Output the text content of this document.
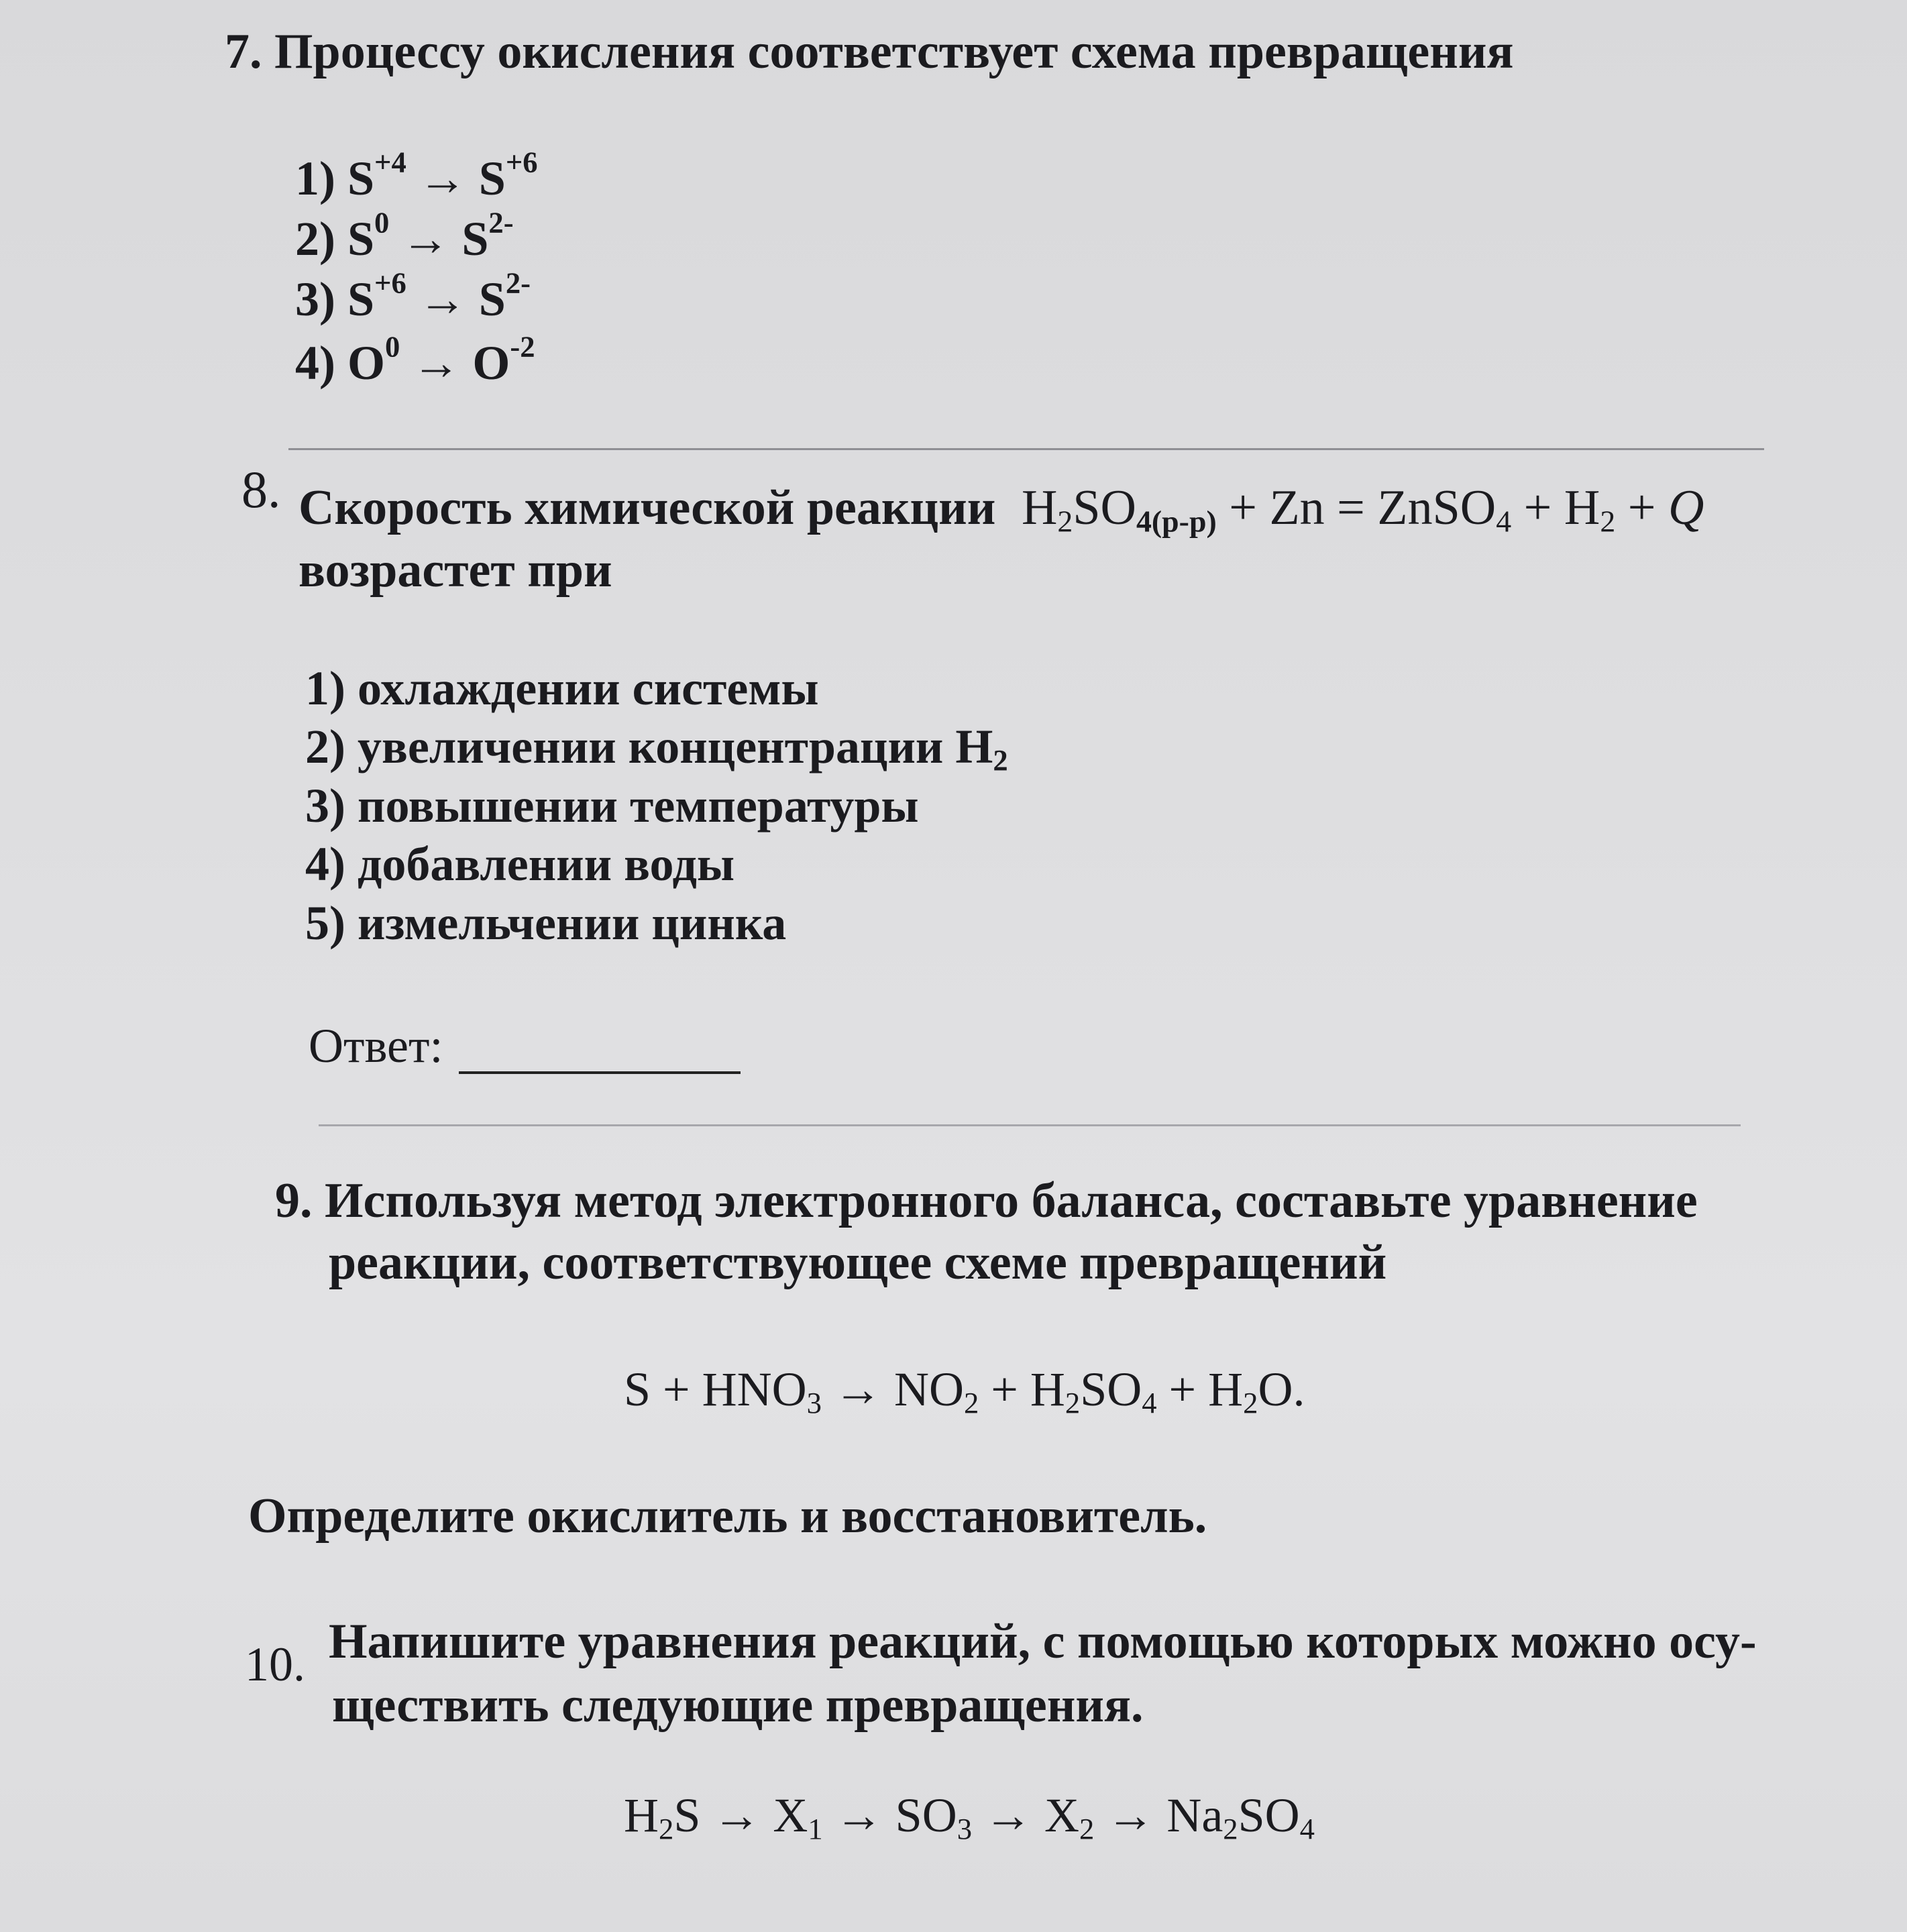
7. Процессу окисления соответствует схема превращения
1) $S^{+4} \to S^{+6}$
2) $S^0 \to S^{2-}$
3) $S^{+6} \to S^{2-}$
4) $O^0 \to O^{-2}$
8. Скорость химической реакции $H_2SO_{4(р-р)} + Zn$ = ZnSO$_4$ + $H_2 + Q$
возрастет при
1) охлаждении системы
2) увеличении концентрации $H_2$
3) повышении температуры
4) добавлении воды
5) измельчении цинка
Ответ:
9. Используя метод электронного баланса, составьте уравнение
реакции, соответствующее схеме превращений
$S + HNO_3 \to NO_2 + H_2SO_4 + H_2O$.
Определите окислитель и восстановитель.
10. Напишите уравнения реакций, с помощью которых можно осу-
ществить следующие превращения.
$H_2S \to X_1 \to SO_3 \to X_2 \to Na_2SO_4$
